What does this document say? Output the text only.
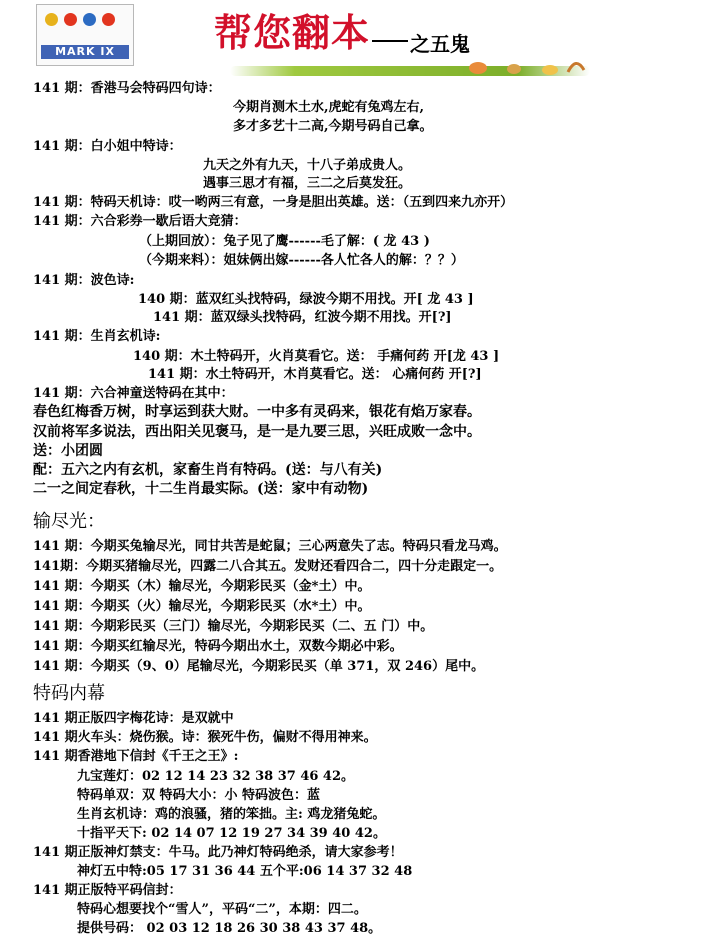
MARK IX	帮您翻本 之五鬼
141 期：香港马会特码四句诗：
今期肖测木土水,虎蛇有兔鸡左右,
多才多艺十二高,今期号码自己拿。
141 期：白小姐中特诗：
九天之外有九天，十八子弟成贵人。
遇事三思才有福，三二之后莫发狂。
141 期：特码天机诗：哎一哟两三有意，一身是胆出英雄。送：（五到四来九亦开）
141 期：六合彩券一歇后语大竞猜：
（上期回放）：兔子见了鹰------毛了解：( 龙 43 )
（今期来料）：姐妹俩出嫁------各人忙各人的解：？？）
141 期：波色诗:
140 期：蓝双红头找特码，绿波今期不用找。开[ 龙 43 ]
141 期：蓝双绿头找特码，红波今期不用找。开[?]
141 期：生肖玄机诗:
140 期：木土特码开，火肖莫看它。送： 手痛何药 开[龙 43 ]
141 期：水土特码开，木肖莫看它。送： 心痛何药 开[?]
141 期：六合神童送特码在其中：
春色红梅香万树，时享运到获大财。一中多有灵码来，银花有焰万家春。
汉前将军多说法，西出阳关见褒马，是一是九要三思，兴旺成败一念中。
送：小团圆
配：五六之内有玄机，家畜生肖有特码。(送：与八有关)
二一之间定春秋，十二生肖最实际。(送：家中有动物)
输尽光：
141 期：今期买兔输尽光，同甘共苦是蛇鼠；三心两意失了志。特码只看龙马鸡。
141期：今期买猪输尽光，四露二八合其五。发财还看四合二，四十分走跟定一。
141 期：今期买（木）输尽光，今期彩民买（金*土）中。
141 期：今期买（火）输尽光，今期彩民买（水*土）中。
141 期：今期彩民买（三门）输尽光，今期彩民买（二、五 门）中。
141 期：今期买红输尽光，特码今期出水土，双数今期必中彩。
141 期：今期买（9、0）尾输尽光，今期彩民买（单 371，双 246）尾中。
特码内幕
141 期正版四字梅花诗：是双就中
141 期火车头：烧伤猴。诗：猴死牛伤，偏财不得用神来。
141 期香港地下信封《千王之王》:
九宝莲灯：02 12 14 23 32 38 37 46 42。
特码单双：双 特码大小：小 特码波色：蓝
生肖玄机诗：鸡的浪骚，猪的笨拙。主: 鸡龙猪兔蛇。
十指平天下: 02 14 07 12 19 27 34 39 40 42。
141 期正版神灯禁支：牛马。此乃神灯特码绝杀，请大家参考！
神灯五中特:05 17 31 36 44 五个平:06 14 37 32 48
141 期正版特平码信封：
特码心想要找个“雪人”，平码“二”，本期：四二。
提供号码： 02 03 12 18 26 30 38 43 37 48。
